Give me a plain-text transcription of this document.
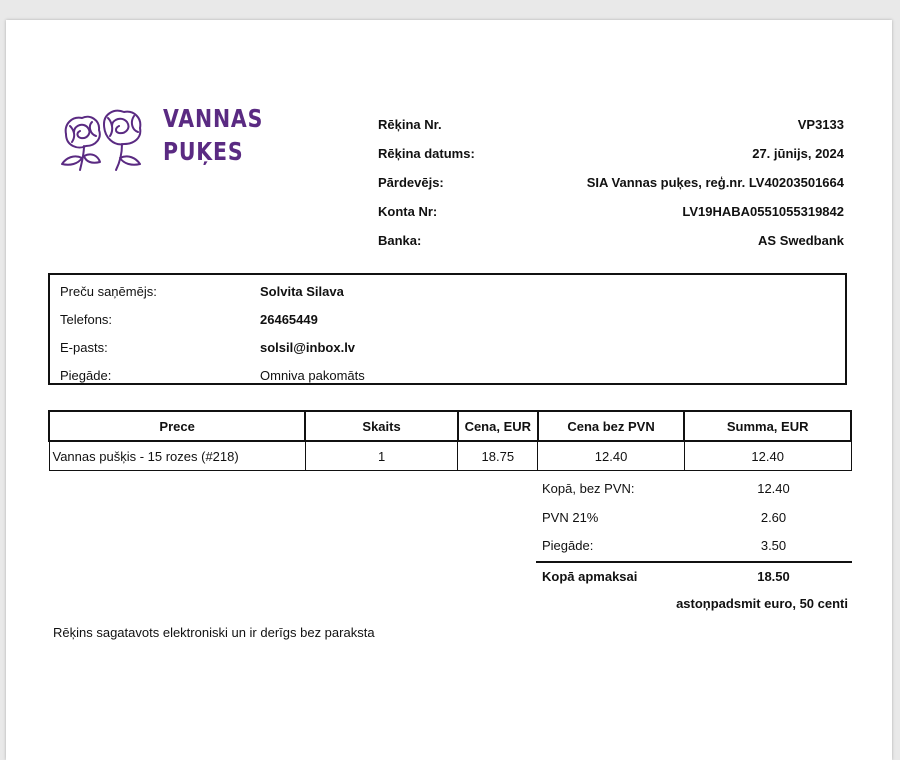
VANNAS
PUĶES
Rēķina Nr.	VP3133
Rēķina datums:	27. jūnijs, 2024
Pārdevējs:	SIA Vannas puķes, reģ.nr. LV40203501664
Konta Nr:	LV19HABA0551055319842
Banka:	AS Swedbank
Preču saņēmējs:	Solvita Silava
Telefons:	26465449
E-pasts:	solsil@inbox.lv
Piegāde:	Omniva pakomāts
Prece	Skaits	Cena, EUR	Cena bez PVN	Summa, EUR
Vannas pušķis - 15 rozes (#218)	1	18.75	12.40	12.40
Kopā, bez PVN:	12.40
PVN 21%	2.60
Piegāde:	3.50
Kopā apmaksai	18.50
astoņpadsmit euro, 50 centi
Rēķins sagatavots elektroniski un ir derīgs bez paraksta
